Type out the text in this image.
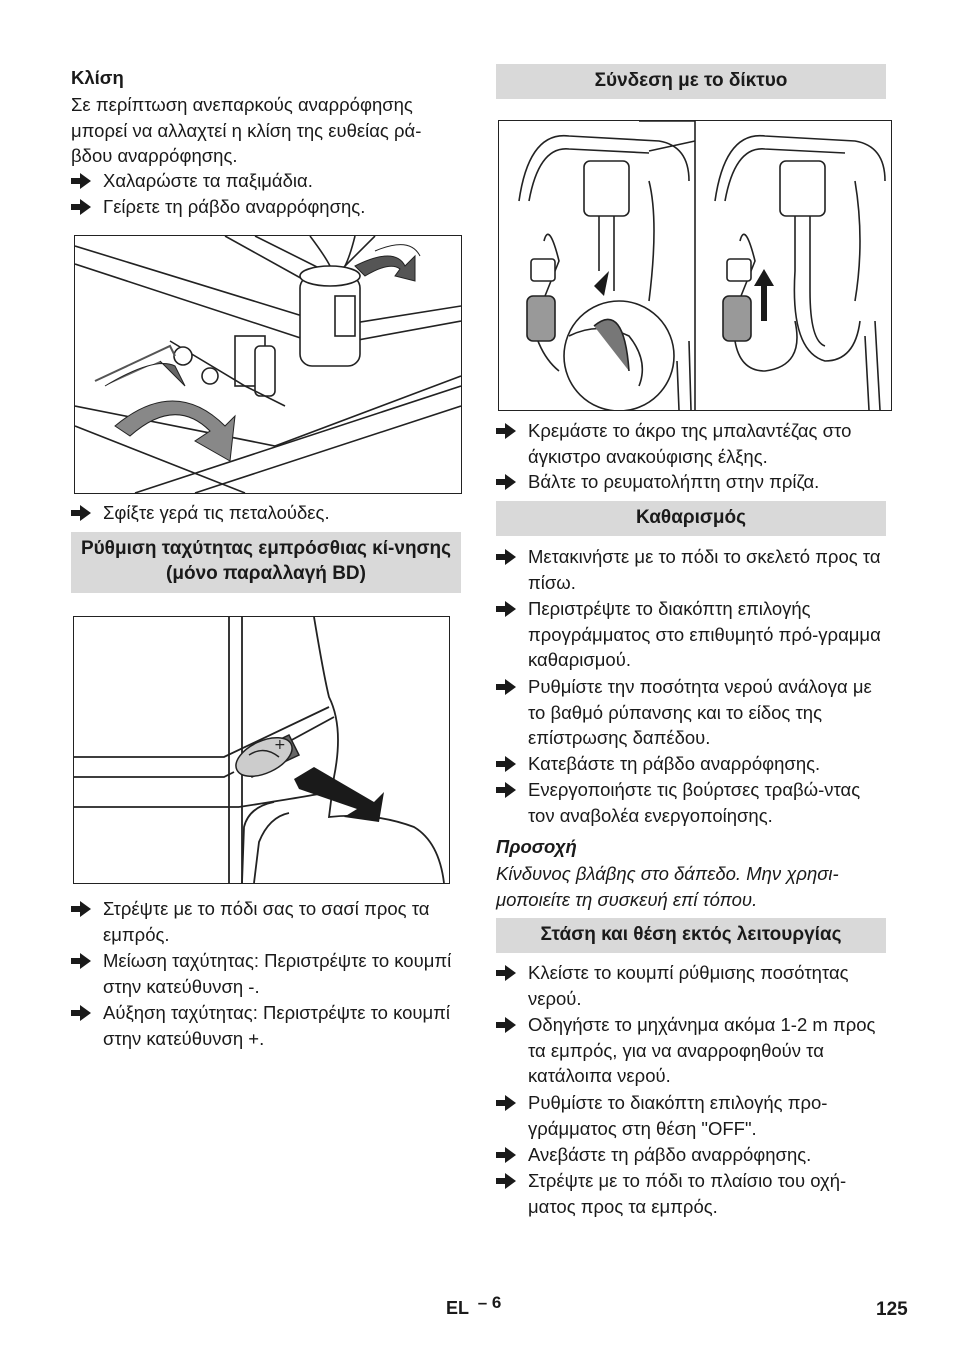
Κλίση
Σε περίπτωση ανεπαρκούς αναρρόφησης μπορεί να αλλαχτεί η κλίση της ευθείας ρά-βδου αναρρόφησης.
Χαλαρώστε τα παξιμάδια.
Γείρετε τη ράβδο αναρρόφησης.
Σφίξτε γερά τις πεταλούδες.
Ρύθμιση ταχύτητας εμπρόσθιας κί-νησης (μόνο παραλλαγή BD)
+
Στρέψτε με το πόδι σας το σασί προς τα εμπρός.
Μείωση ταχύτητας: Περιστρέψτε το κουμπί στην κατεύθυνση -.
Αύξηση ταχύτητας: Περιστρέψτε το κουμπί στην κατεύθυνση +.
Σύνδεση με το δίκτυο
Κρεμάστε το άκρο της μπαλαντέζας στο άγκιστρο ανακούφισης έλξης.
Βάλτε το ρευματολήπτη στην πρίζα.
Καθαρισμός
Μετακινήστε με το πόδι το σκελετό προς τα πίσω.
Περιστρέψτε το διακόπτη επιλογής προγράμματος στο επιθυμητό πρό-γραμμα καθαρισμού.
Ρυθμίστε την ποσότητα νερού ανάλογα με το βαθμό ρύπανσης και το είδος της επίστρωσης δαπέδου.
Κατεβάστε τη ράβδο αναρρόφησης.
Ενεργοποιήστε τις βούρτσες τραβώ-ντας τον αναβολέα ενεργοποίησης.
Προσοχή
Κίνδυνος βλάβης στο δάπεδο. Μην χρησι-μοποιείτε τη συσκευή επί τόπου.
Στάση και θέση εκτός λειτουργίας
Κλείστε το κουμπί ρύθμισης ποσότητας νερού.
Οδηγήστε το μηχάνημα ακόμα 1-2 m προς τα εμπρός, για να αναρροφηθούν τα κατάλοιπα νερού.
Ρυθμίστε το διακόπτη επιλογής προ-γράμματος στη θέση "OFF".
Ανεβάστε τη ράβδο αναρρόφησης.
Στρέψτε με το πόδι το πλαίσιο του οχή-ματος προς τα εμπρός.
EL – 6	125
